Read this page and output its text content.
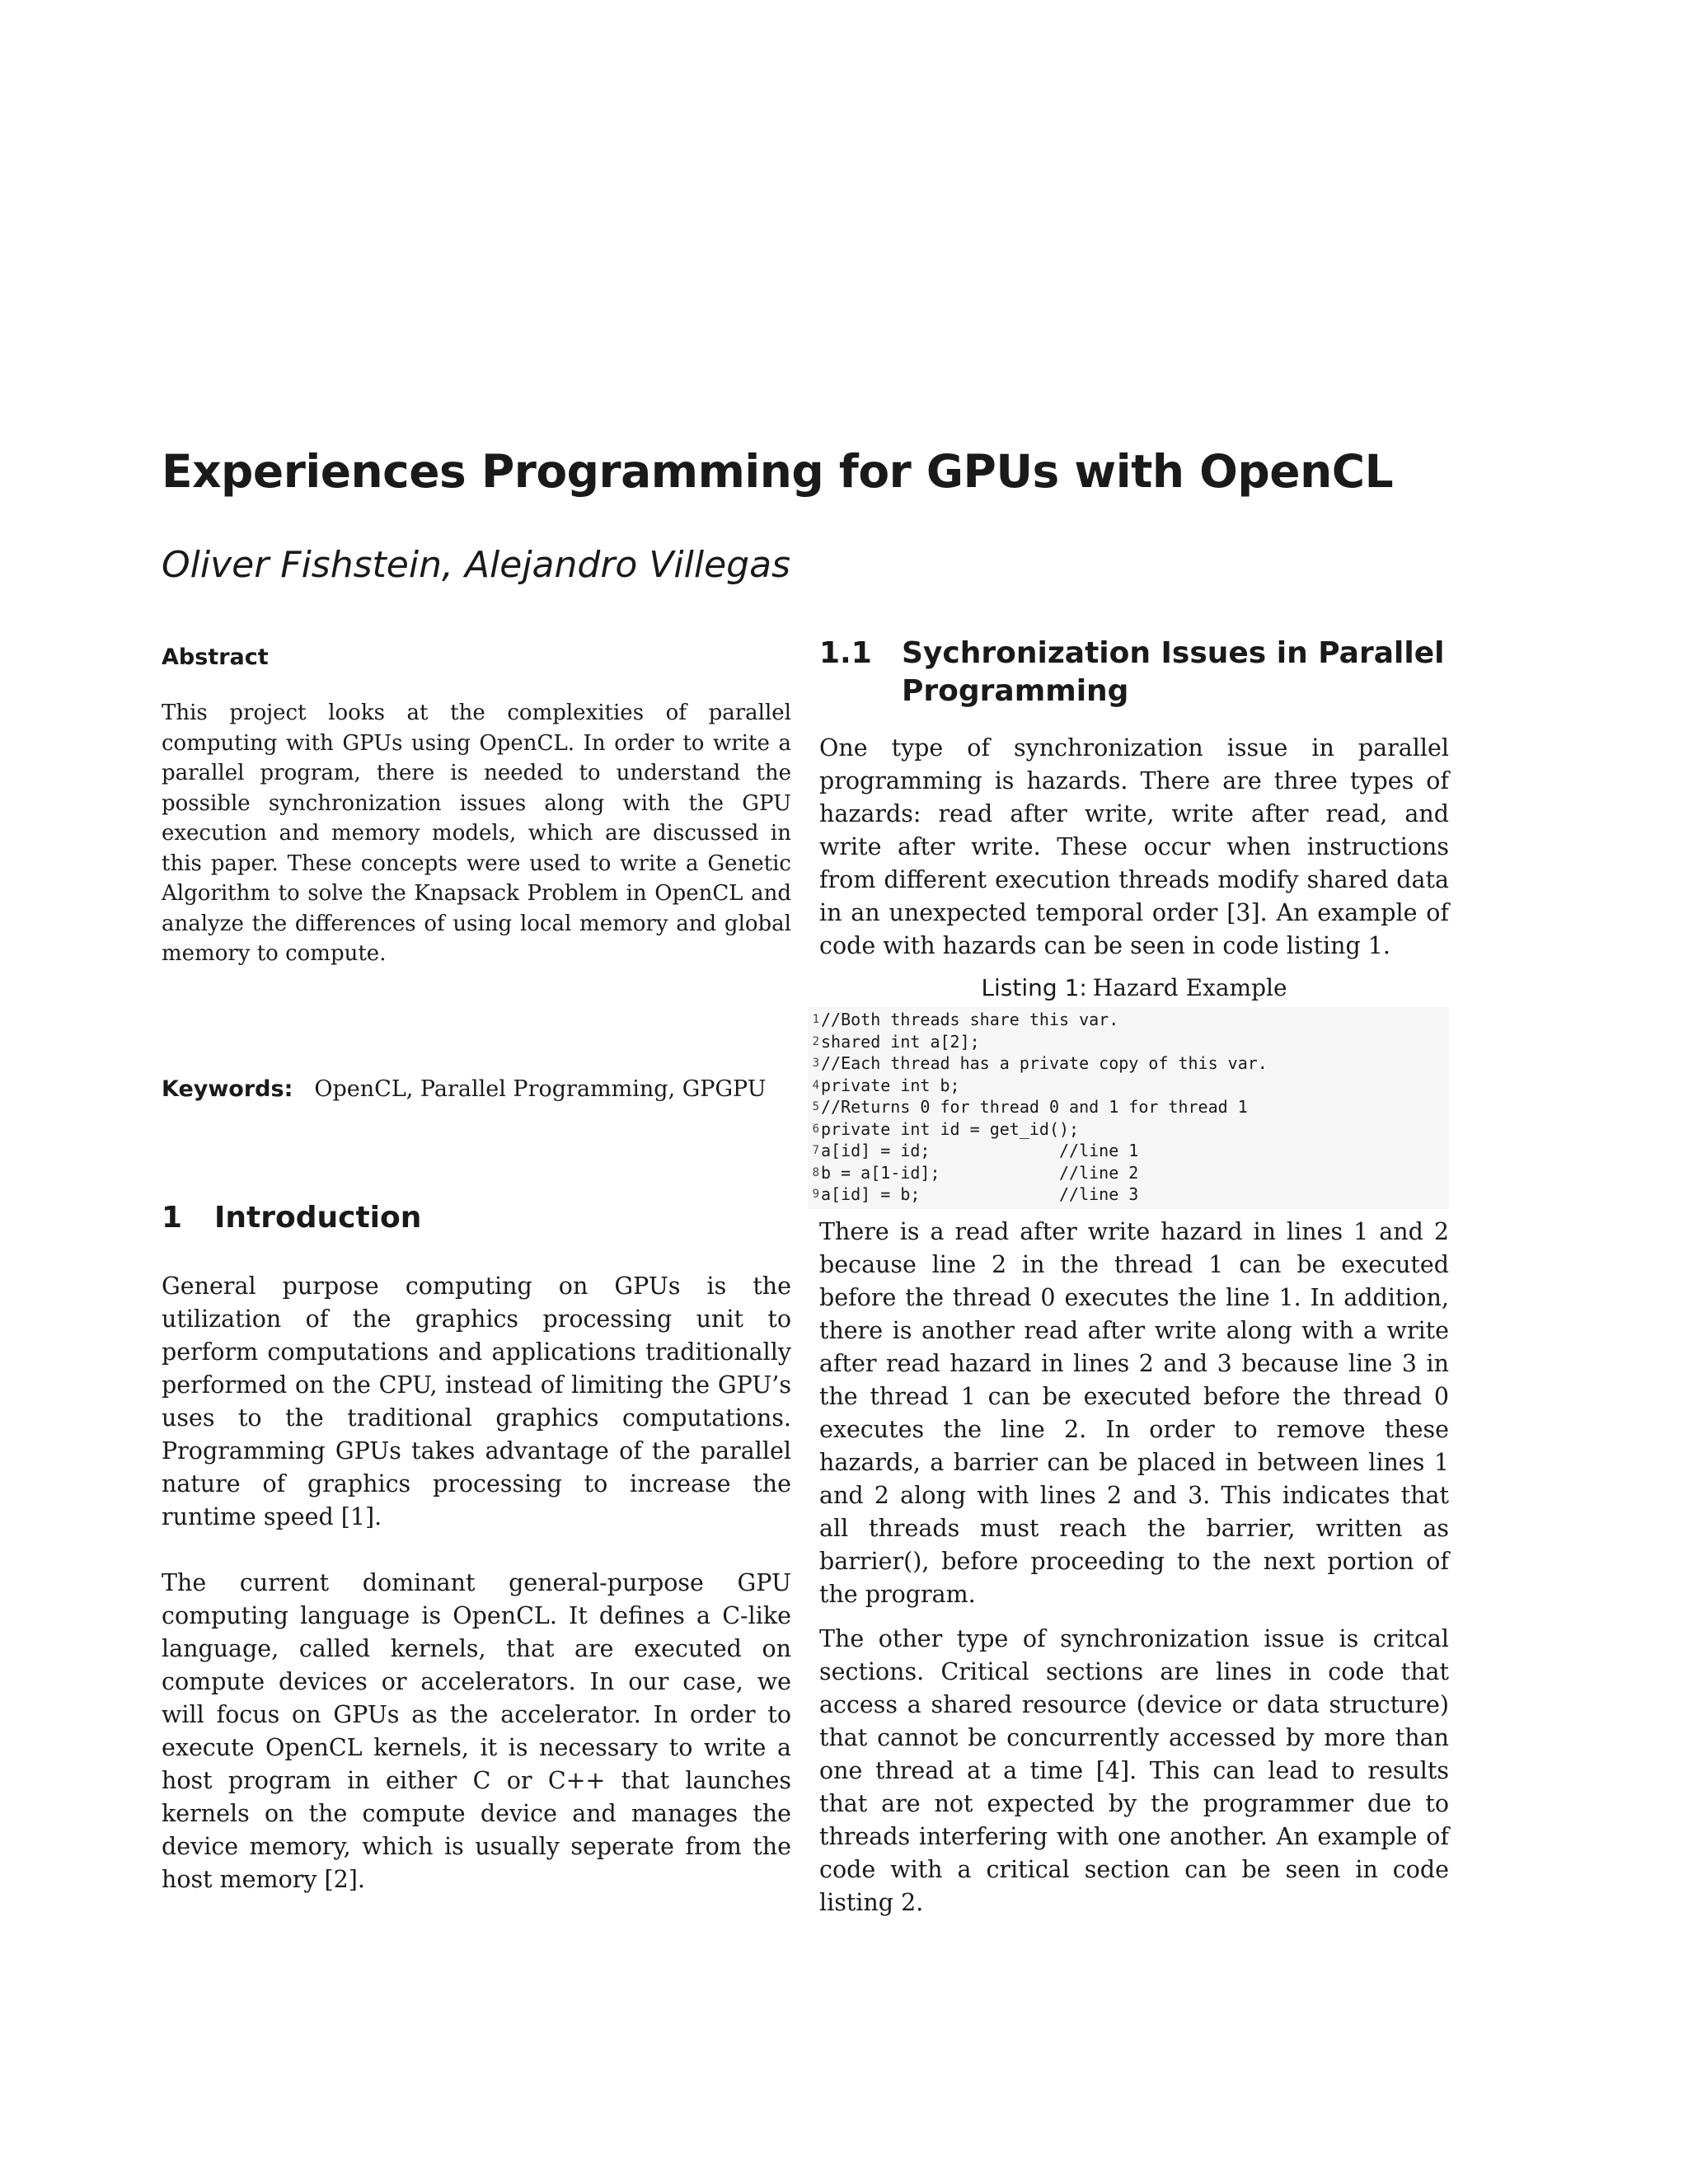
Experiences Programming for GPUs with OpenCL

Oliver Fishstein, Alejandro Villegas

Abstract

This project looks at the complexities of parallel computing with GPUs using OpenCL. In order to write a parallel program, there is needed to understand the possible synchronization issues along with the GPU execution and memory models, which are discussed in this paper. These concepts were used to write a Genetic Algorithm to solve the Knapsack Problem in OpenCL and analyze the differences of using local memory and global memory to compute.

Keywords: OpenCL, Parallel Programming, GPGPU
1	Introduction

General purpose computing on GPUs is the utilization of the graphics processing unit to perform computations and applications traditionally performed on the CPU, instead of limiting the GPU’s uses to the traditional graphics computations. Programming GPUs takes advantage of the parallel nature of graphics processing to increase the runtime speed [1].

The current dominant general-purpose GPU computing language is OpenCL. It defines a C-like language, called kernels, that are executed on compute devices or accelerators. In our case, we will focus on GPUs as the accelerator. In order to execute OpenCL kernels, it is necessary to write a host program in either C or C++ that launches kernels on the compute device and manages the device memory, which is usually seperate from the host memory [2].

1.1	Sychronization Issues in Parallel
Programming

One type of synchronization issue in parallel programming is hazards. There are three types of hazards: read after write, write after read, and write after write. These occur when instructions from different execution threads modify shared data in an unexpected temporal order [3]. An example of code with hazards can be seen in code listing 1.

Listing 1: Hazard Example
1 //Both threads share this var.
2 shared int a[2];
3 //Each thread has a private copy of this var.
4 private int b;
5 //Returns 0 for thread 0 and 1 for thread 1
6 private int id = get_id();
7 a[id] = id;             //line 1
8 b = a[1-id];            //line 2
9 a[id] = b;              //line 3

There is a read after write hazard in lines 1 and 2 because line 2 in the thread 1 can be executed before the thread 0 executes the line 1. In addition, there is another read after write along with a write after read hazard in lines 2 and 3 because line 3 in the thread 1 can be executed before the thread 0 executes the line 2. In order to remove these hazards, a barrier can be placed in between lines 1 and 2 along with lines 2 and 3. This indicates that all threads must reach the barrier, written as barrier(), before proceeding to the next portion of the program.

The other type of synchronization issue is critcal sections. Critical sections are lines in code that access a shared resource (device or data structure) that cannot be concurrently accessed by more than one thread at a time [4]. This can lead to results that are not expected by the programmer due to threads interfering with one another. An example of code with a critical section can be seen in code listing 2.
